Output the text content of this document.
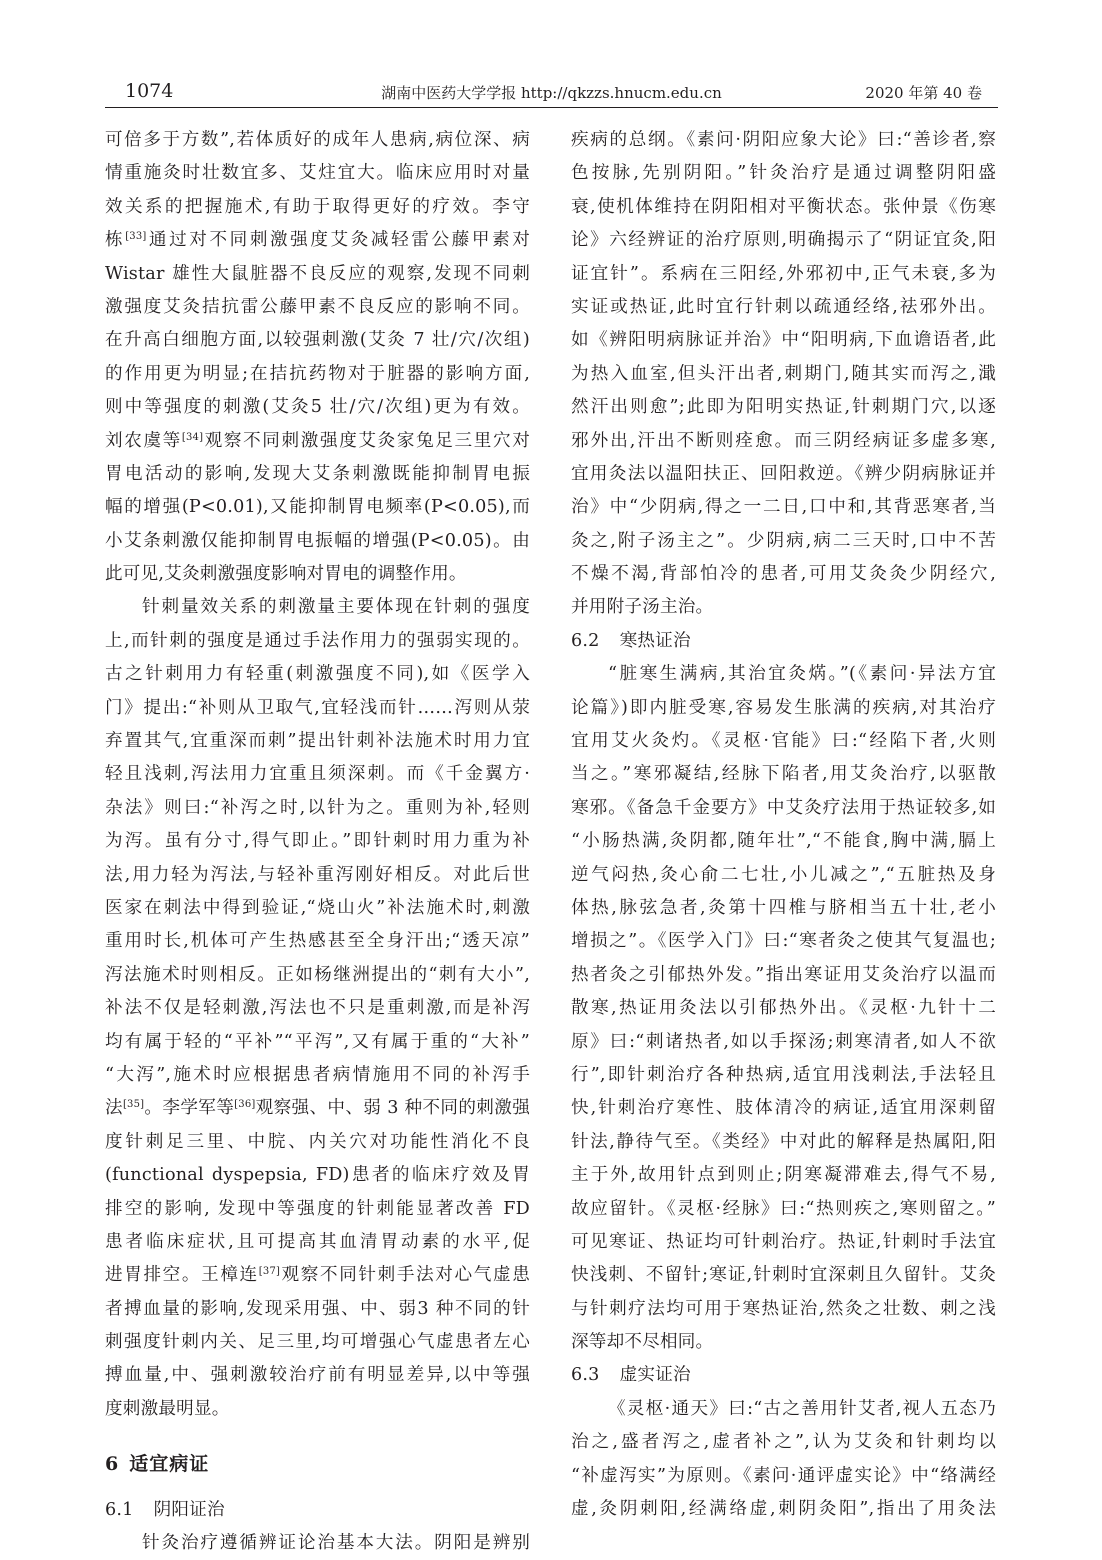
1074	湖南中医药大学学报 http://qkzzs.hnucm.edu.cn	2020 年第 40 卷
可倍多于方数”,若体质好的成年人患病,病位深、病
情重施灸时壮数宜多、艾炷宜大。临床应用时对量
效关系的把握施术,有助于取得更好的疗效。李守
栋[33]通过对不同刺激强度艾灸减轻雷公藤甲素对
Wistar 雄性大鼠脏器不良反应的观察,发现不同刺
激强度艾灸拮抗雷公藤甲素不良反应的影响不同。
在升高白细胞方面,以较强刺激(艾灸 7 壮/穴/次组)
的作用更为明显;在拮抗药物对于脏器的影响方面,
则中等强度的刺激(艾灸5 壮/穴/次组)更为有效。
刘农虞等[34]观察不同刺激强度艾灸家兔足三里穴对
胃电活动的影响,发现大艾条刺激既能抑制胃电振
幅的增强(P<0.01),又能抑制胃电频率(P<0.05),而
小艾条刺激仅能抑制胃电振幅的增强(P<0.05)。由
此可见,艾灸刺激强度影响对胃电的调整作用。
针刺量效关系的刺激量主要体现在针刺的强度
上,而针刺的强度是通过手法作用力的强弱实现的。
古之针刺用力有轻重(刺激强度不同),如《医学入
门》提出:“补则从卫取气,宜轻浅而针……泻则从荥
弃置其气,宜重深而刺”提出针刺补法施术时用力宜
轻且浅刺,泻法用力宜重且须深刺。而《千金翼方·
杂法》则曰:“补泻之时,以针为之。重则为补,轻则
为泻。虽有分寸,得气即止。”即针刺时用力重为补
法,用力轻为泻法,与轻补重泻刚好相反。对此后世
医家在刺法中得到验证,“烧山火”补法施术时,刺激
重用时长,机体可产生热感甚至全身汗出;“透天凉”
泻法施术时则相反。正如杨继洲提出的“刺有大小”,
补法不仅是轻刺激,泻法也不只是重刺激,而是补泻
均有属于轻的“平补”“平泻”,又有属于重的“大补”
“大泻”,施术时应根据患者病情施用不同的补泻手
法[35]。李学军等[36]观察强、中、弱 3 种不同的刺激强
度针刺足三里、中脘、内关穴对功能性消化不良
(functional dyspepsia, FD)患者的临床疗效及胃
排空的影响, 发现中等强度的针刺能显著改善 FD
患者临床症状,且可提高其血清胃动素的水平,促
进胃排空。王樟连[37]观察不同针刺手法对心气虚患
者搏血量的影响,发现采用强、中、弱3 种不同的针
刺强度针刺内关、足三里,均可增强心气虚患者左心
搏血量,中、强刺激较治疗前有明显差异,以中等强
度刺激最明显。
6 适宜病证
6.1 阴阳证治
针灸治疗遵循辨证论治基本大法。阴阳是辨别
疾病的总纲。《素问·阴阳应象大论》曰:“善诊者,察
色按脉,先别阴阳。”针灸治疗是通过调整阴阳盛
衰,使机体维持在阴阳相对平衡状态。张仲景《伤寒
论》六经辨证的治疗原则,明确揭示了“阴证宜灸,阳
证宜针”。系病在三阳经,外邪初中,正气未衰,多为
实证或热证,此时宜行针刺以疏通经络,祛邪外出。
如《辨阳明病脉证并治》中“阳明病,下血谵语者,此
为热入血室,但头汗出者,刺期门,随其实而泻之,濈
然汗出则愈”;此即为阳明实热证,针刺期门穴,以逐
邪外出,汗出不断则痊愈。而三阴经病证多虚多寒,
宜用灸法以温阳扶正、回阳救逆。《辨少阴病脉证并
治》中“少阴病,得之一二日,口中和,其背恶寒者,当
灸之,附子汤主之”。少阴病,病二三天时,口中不苦
不燥不渴,背部怕冷的患者,可用艾灸灸少阴经穴,
并用附子汤主治。
6.2 寒热证治
“脏寒生满病,其治宜灸焫。”(《素问·异法方宜
论篇》)即内脏受寒,容易发生胀满的疾病,对其治疗
宜用艾火灸灼。《灵枢·官能》曰:“经陷下者,火则
当之。”寒邪凝结,经脉下陷者,用艾灸治疗,以驱散
寒邪。《备急千金要方》中艾灸疗法用于热证较多,如
“小肠热满,灸阴都,随年壮”,“不能食,胸中满,膈上
逆气闷热,灸心俞二七壮,小儿减之”,“五脏热及身
体热,脉弦急者,灸第十四椎与脐相当五十壮,老小
增损之”。《医学入门》曰:“寒者灸之使其气复温也;
热者灸之引郁热外发。”指出寒证用艾灸治疗以温而
散寒,热证用灸法以引郁热外出。《灵枢·九针十二
原》曰:“刺诸热者,如以手探汤;刺寒清者,如人不欲
行”,即针刺治疗各种热病,适宜用浅刺法,手法轻且
快,针刺治疗寒性、肢体清冷的病证,适宜用深刺留
针法,静待气至。《类经》中对此的解释是热属阳,阳
主于外,故用针点到则止;阴寒凝滞难去,得气不易,
故应留针。《灵枢·经脉》曰:“热则疾之,寒则留之。”
可见寒证、热证均可针刺治疗。热证,针刺时手法宜
快浅刺、不留针;寒证,针刺时宜深刺且久留针。艾灸
与针刺疗法均可用于寒热证治,然灸之壮数、刺之浅
深等却不尽相同。
6.3 虚实证治
《灵枢·通天》曰:“古之善用针艾者,视人五态乃
治之,盛者泻之,虚者补之”,认为艾灸和针刺均以
“补虚泻实”为原则。《素问·通评虚实论》中“络满经
虚,灸阴刺阳,经满络虚,刺阴灸阳”,指出了用灸法
